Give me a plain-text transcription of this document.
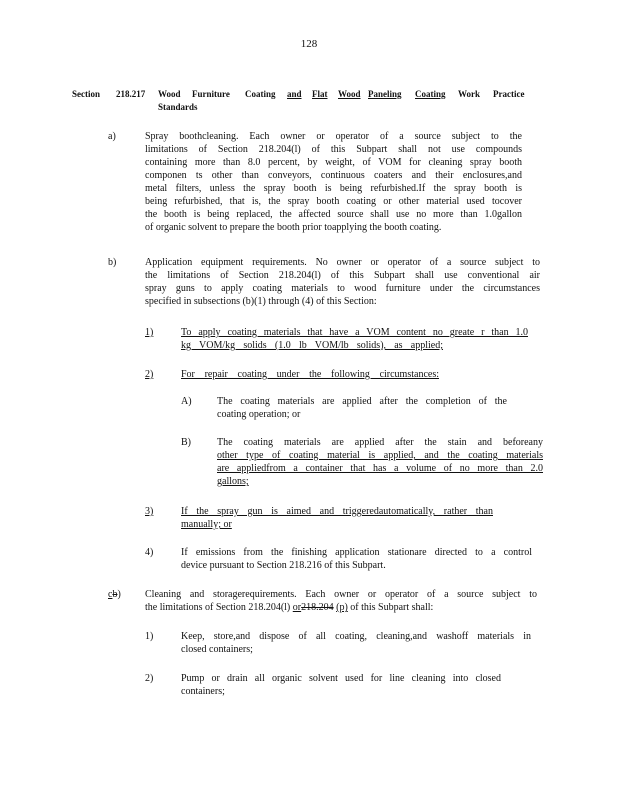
128
Section	218.217	Wood	Furniture	Coating	and	Flat	Wood Paneling	Coating	Work	Practice
Standards
a)	Spray boothcleaning. Each owner or operator of a source subject to the
limitations of Section 218.204(l) of this Subpart shall not use compounds
containing more than 8.0 percent, by weight, of VOM for cleaning spray booth
componen ts other than conveyors, continuous coaters and their enclosures,and
metal filters, unless the spray booth is being refurbished.If the spray booth is
being refurbished, that is, the spray booth coating or other material used tocover
the booth is being replaced, the affected source shall use no more than 1.0gallon
of organic solvent to prepare the booth prior toapplying the booth coating.
b)	Application equipment requirements. No owner or operator of a source subject to
the limitations of Section 218.204(l) of this Subpart shall use conventional air
spray guns to apply coating materials to wood furniture under the circumstances
specified in subsections (b)(1) through (4) of this Section:
1)	To apply coating materials that have a VOM content no greate r than 1.0
kg VOM/kg solids (1.0 lb VOM/lb solids), as applied;
2)	For repair coating under the following circumstances:
A)	The coating materials are applied after the completion of the
coating operation; or
B)	The coating materials are applied after the stain and beforeany
other type of coating material is applied, and the coating materials
are appliedfrom a container that has a volume of no more than 2.0
gallons;
3)	If the spray gun is aimed and triggeredautomatically, rather than
manually; or
4)	If emissions from the finishing application stationare directed to a control
device pursuant to Section 218.216 of this Subpart.
cb) Cleaning and storagerequirements. Each owner or operator of a source subject to
the limitations of Section 218.204(l) or218.204 (p) of this Subpart shall:
1)	Keep, store,and dispose of all coating, cleaning,and washoff materials in
closed containers;
2)	Pump or drain all organic solvent used for line cleaning into closed
containers;
